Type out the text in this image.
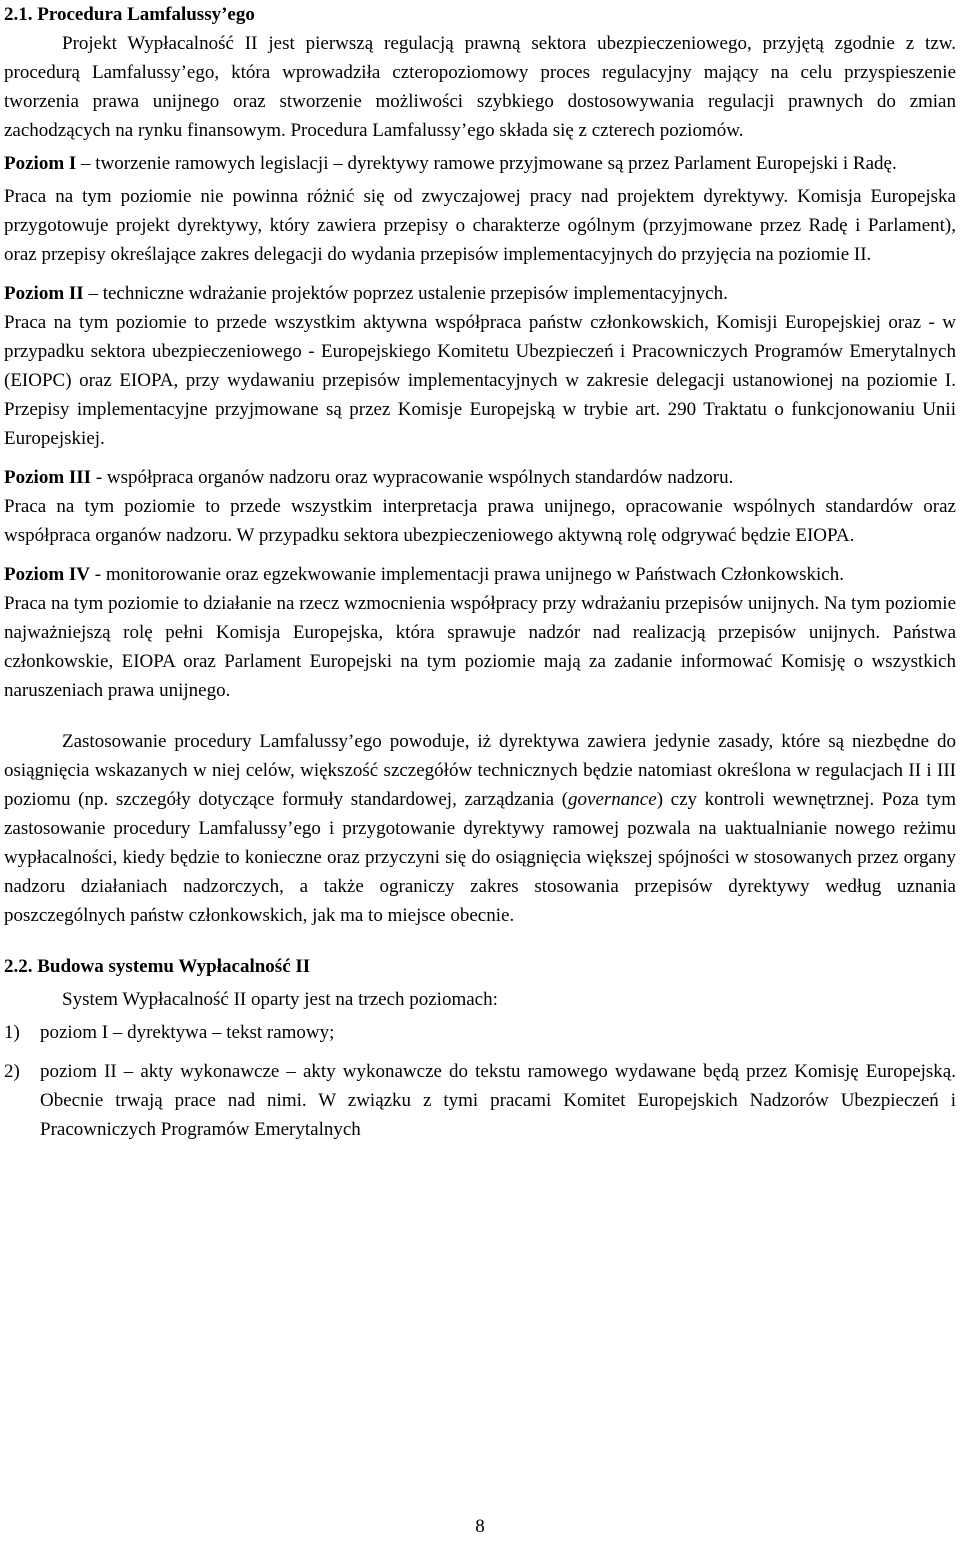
2.1. Procedura Lamfalussy’ego

Projekt Wypłacalność II jest pierwszą regulacją prawną sektora ubezpieczeniowego, przyjętą zgodnie z tzw. procedurą Lamfalussy’ego, która wprowadziła czteropoziomowy proces regulacyjny mający na celu przyspieszenie tworzenia prawa unijnego oraz stworzenie możliwości szybkiego dostosowywania regulacji prawnych do zmian zachodzących na rynku finansowym. Procedura Lamfalussy’ego składa się z czterech poziomów.

Poziom I – tworzenie ramowych legislacji – dyrektywy ramowe przyjmowane są przez Parlament Europejski i Radę.

Praca na tym poziomie nie powinna różnić się od zwyczajowej pracy nad projektem dyrektywy. Komisja Europejska przygotowuje projekt dyrektywy, który zawiera przepisy o charakterze ogólnym (przyjmowane przez Radę i Parlament), oraz przepisy określające zakres delegacji do wydania przepisów implementacyjnych do przyjęcia na poziomie II.

Poziom II – techniczne wdrażanie projektów poprzez ustalenie przepisów implementacyjnych.

Praca na tym poziomie to przede wszystkim aktywna współpraca państw członkowskich, Komisji Europejskiej oraz - w przypadku sektora ubezpieczeniowego - Europejskiego Komitetu Ubezpieczeń i Pracowniczych Programów Emerytalnych (EIOPC) oraz EIOPA, przy wydawaniu przepisów implementacyjnych w zakresie delegacji ustanowionej na poziomie I. Przepisy implementacyjne przyjmowane są przez Komisje Europejską w trybie art. 290 Traktatu o funkcjonowaniu Unii Europejskiej.

Poziom III - współpraca organów nadzoru oraz wypracowanie wspólnych standardów nadzoru.

Praca na tym poziomie to przede wszystkim interpretacja prawa unijnego, opracowanie wspólnych standardów oraz współpraca organów nadzoru. W przypadku sektora ubezpieczeniowego aktywną rolę odgrywać będzie EIOPA.

Poziom IV - monitorowanie oraz egzekwowanie implementacji prawa unijnego w Państwach Członkowskich.

Praca na tym poziomie to działanie na rzecz wzmocnienia współpracy przy wdrażaniu przepisów unijnych. Na tym poziomie najważniejszą rolę pełni Komisja Europejska, która sprawuje nadzór nad realizacją przepisów unijnych. Państwa członkowskie, EIOPA oraz Parlament Europejski na tym poziomie mają za zadanie informować Komisję o wszystkich naruszeniach prawa unijnego.

Zastosowanie procedury Lamfalussy’ego powoduje, iż dyrektywa zawiera jedynie zasady, które są niezbędne do osiągnięcia wskazanych w niej celów, większość szczegółów technicznych będzie natomiast określona w regulacjach II i III poziomu (np. szczegóły dotyczące formuły standardowej, zarządzania (governance) czy kontroli wewnętrznej. Poza tym zastosowanie procedury Lamfalussy’ego i przygotowanie dyrektywy ramowej pozwala na uaktualnianie nowego reżimu wypłacalności, kiedy będzie to konieczne oraz przyczyni się do osiągnięcia większej spójności w stosowanych przez organy nadzoru działaniach nadzorczych, a także ograniczy zakres stosowania przepisów dyrektywy według uznania poszczególnych państw członkowskich, jak ma to miejsce obecnie.

2.2. Budowa systemu Wypłacalność II

System Wypłacalność II oparty jest na trzech poziomach:

1)	poziom I – dyrektywa – tekst ramowy;
2)	poziom II – akty wykonawcze – akty wykonawcze do tekstu ramowego wydawane będą przez Komisję Europejską. Obecnie trwają prace nad nimi. W związku z tymi pracami Komitet Europejskich Nadzorów Ubezpieczeń i Pracowniczych Programów Emerytalnych
8
